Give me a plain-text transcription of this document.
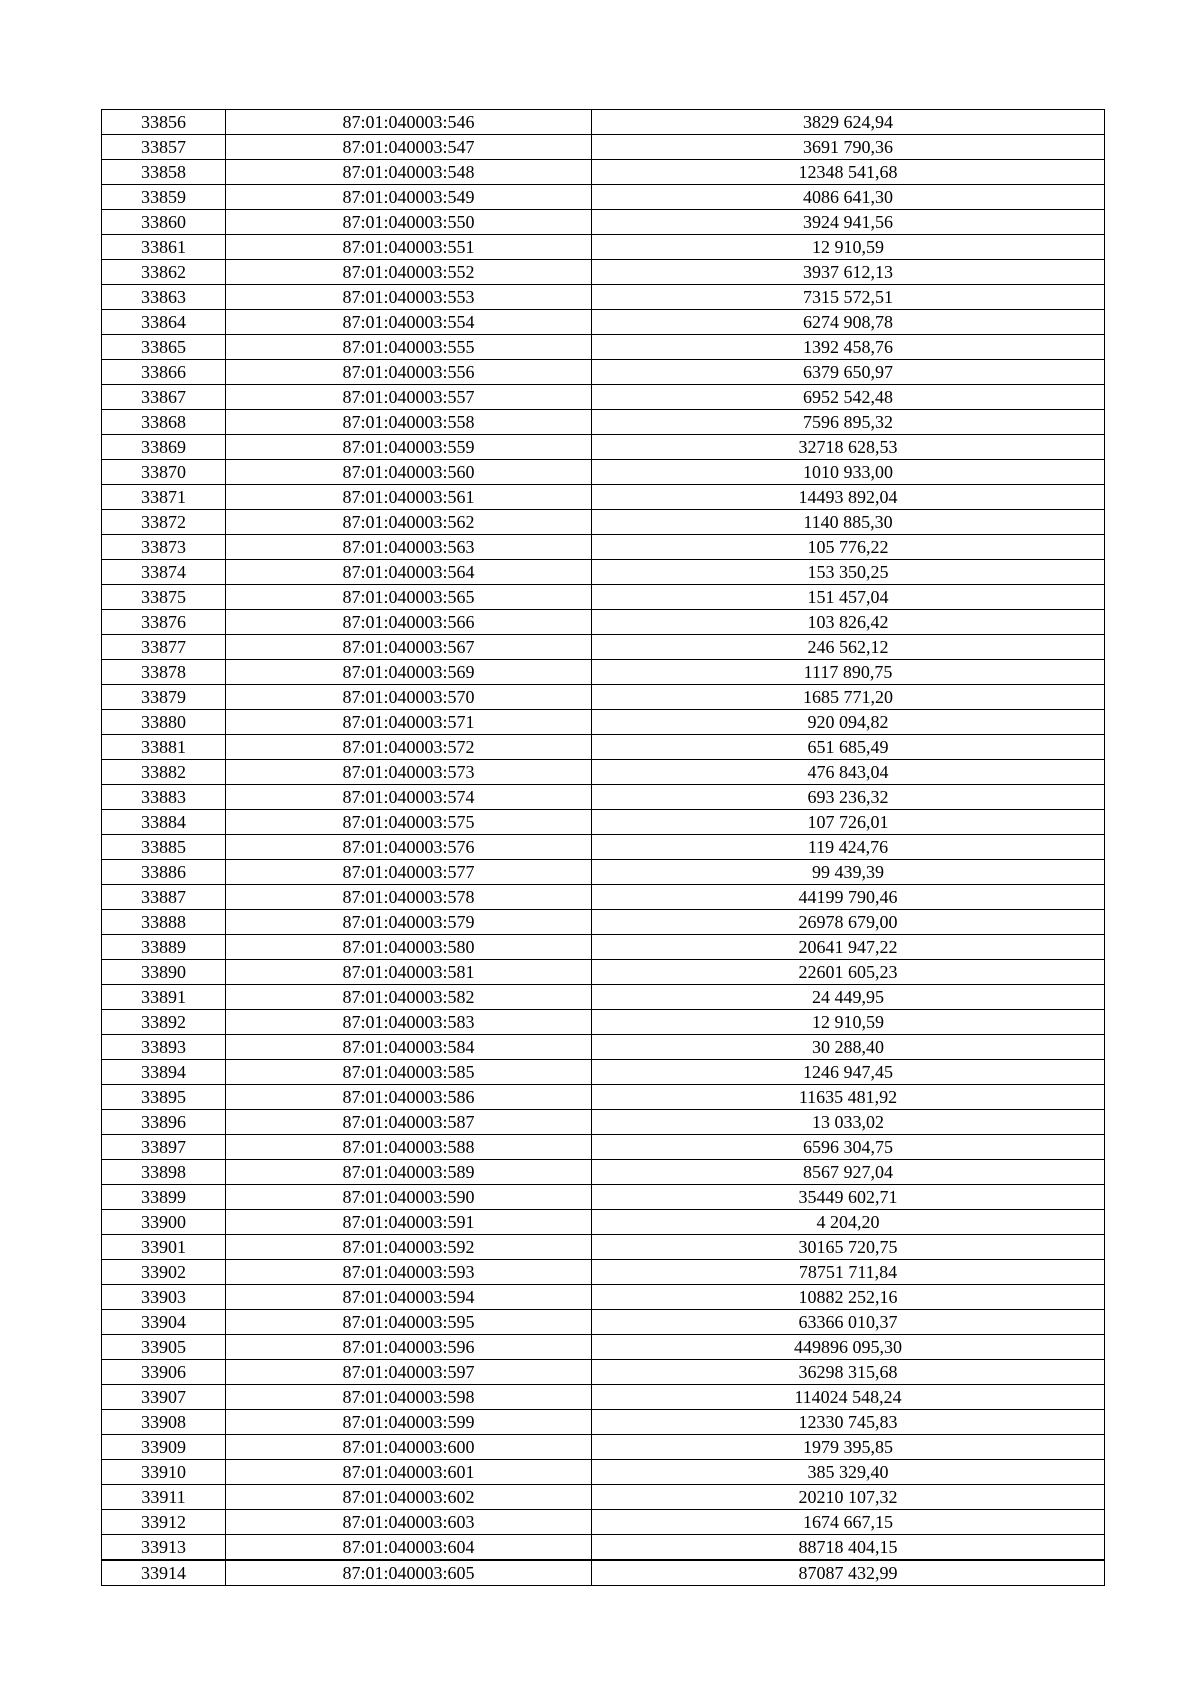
33856	87:01:040003:546	3829 624,94
33857	87:01:040003:547	3691 790,36
33858	87:01:040003:548	12348 541,68
33859	87:01:040003:549	4086 641,30
33860	87:01:040003:550	3924 941,56
33861	87:01:040003:551	12 910,59
33862	87:01:040003:552	3937 612,13
33863	87:01:040003:553	7315 572,51
33864	87:01:040003:554	6274 908,78
33865	87:01:040003:555	1392 458,76
33866	87:01:040003:556	6379 650,97
33867	87:01:040003:557	6952 542,48
33868	87:01:040003:558	7596 895,32
33869	87:01:040003:559	32718 628,53
33870	87:01:040003:560	1010 933,00
33871	87:01:040003:561	14493 892,04
33872	87:01:040003:562	1140 885,30
33873	87:01:040003:563	105 776,22
33874	87:01:040003:564	153 350,25
33875	87:01:040003:565	151 457,04
33876	87:01:040003:566	103 826,42
33877	87:01:040003:567	246 562,12
33878	87:01:040003:569	1117 890,75
33879	87:01:040003:570	1685 771,20
33880	87:01:040003:571	920 094,82
33881	87:01:040003:572	651 685,49
33882	87:01:040003:573	476 843,04
33883	87:01:040003:574	693 236,32
33884	87:01:040003:575	107 726,01
33885	87:01:040003:576	119 424,76
33886	87:01:040003:577	99 439,39
33887	87:01:040003:578	44199 790,46
33888	87:01:040003:579	26978 679,00
33889	87:01:040003:580	20641 947,22
33890	87:01:040003:581	22601 605,23
33891	87:01:040003:582	24 449,95
33892	87:01:040003:583	12 910,59
33893	87:01:040003:584	30 288,40
33894	87:01:040003:585	1246 947,45
33895	87:01:040003:586	11635 481,92
33896	87:01:040003:587	13 033,02
33897	87:01:040003:588	6596 304,75
33898	87:01:040003:589	8567 927,04
33899	87:01:040003:590	35449 602,71
33900	87:01:040003:591	4 204,20
33901	87:01:040003:592	30165 720,75
33902	87:01:040003:593	78751 711,84
33903	87:01:040003:594	10882 252,16
33904	87:01:040003:595	63366 010,37
33905	87:01:040003:596	449896 095,30
33906	87:01:040003:597	36298 315,68
33907	87:01:040003:598	114024 548,24
33908	87:01:040003:599	12330 745,83
33909	87:01:040003:600	1979 395,85
33910	87:01:040003:601	385 329,40
33911	87:01:040003:602	20210 107,32
33912	87:01:040003:603	1674 667,15
33913	87:01:040003:604	88718 404,15
33914	87:01:040003:605	87087 432,99
